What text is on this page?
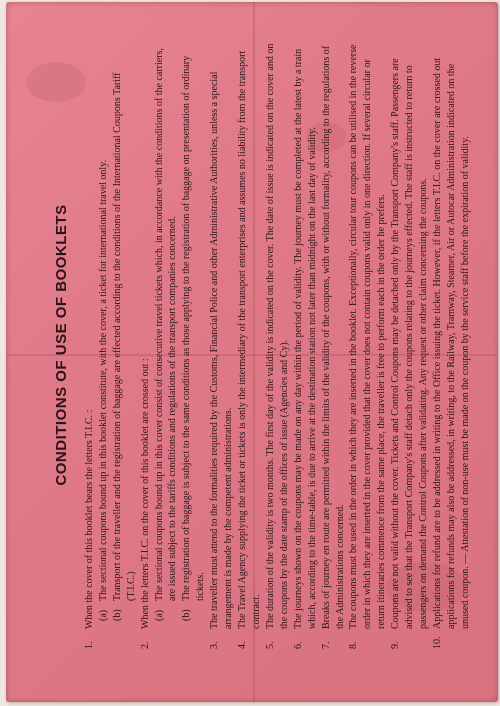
CONDITIONS OF USE OF BOOKLETS
1.
When the cover of this booklet bears the letters T.I.C. : (a)
The sectional coupons bound up in this booklet constitute, with the cover, a ticket for international travel only.
(b)
Transport of the traveller and the registration of baggage are effected according to the conditions of the International Coupons Tariff (T.I.C.)
2.
When the letters T.I.C. on the cover of this booklet are crossed out : (a)
The sectional coupons bound up in this cover consist of consecutive travel tickets which, in accordance with the conditions of the carriers, are issued subject to the tariffs conditions and regulations of the transport companies concerned.
(b)
The registration of baggage is subject to the same conditions as those applying to the registration of baggage on presentation of ordinary tickets.
3.
The traveller must attend to the formalities required by the Customs, Financial Police and other Administrative Authorities, unless a special arrangement is made by the competent administrations.
4.
The Travel Agency supplying the ticket or tickets is only the intermediary of the transport enterprises and assumes no liability from the transport contract.
5.
The duration of the validity is two months. The first day of the validity is indicated on the cover. The date of issue is indicated on the cover and on the coupons by the date stamp of the offices of issue (Agencies and Cy).
6.
The journeys shown on the coupons may be made on any day within the period of validity. The journey must be completed at the latest by a train which, according to the time-table, is due to arrive at the destination station not later than midnight on the last day of validity.
7.
Breaks of journey en route are permitted within the limits of the validity of the coupons, with or without formality, according to the regulations of the Administrations concerned.
8.
The coupons must be used in the order in which they are inserted in the booklet. Exceptionally, circular tour coupons can be utilised in the reverse order in which they are inserted in the cover provided that the cover does not contain coupons valid only in one direction. If several circular or return itineraries commence from the same place, the traveller is free to perform each in the order he prefers.
9.
Coupons are not valid without the cover. Tickets and Control Coupons may be detached only by the Transport Company's staff. Passengers are advised to see that the Transport Company's staff detach only the coupons relating to the journeys effected. The staff is instructed to return to passengers on demand the Control Coupons after validating. Any request or other claim concerning the coupons.
10.
Applications for refund are to be addressed in writing to the Office issuing the ticket. However, if the letters T.I.C. on the cover are crossed out applications for refunds may also be addressed, in writing, to the Railway, Tramway, Steamer, Air or Autocar Administration indicated on the unused coupon. — Attestation of non-use must be made on the coupon by the service staff before the expiration of validity.
